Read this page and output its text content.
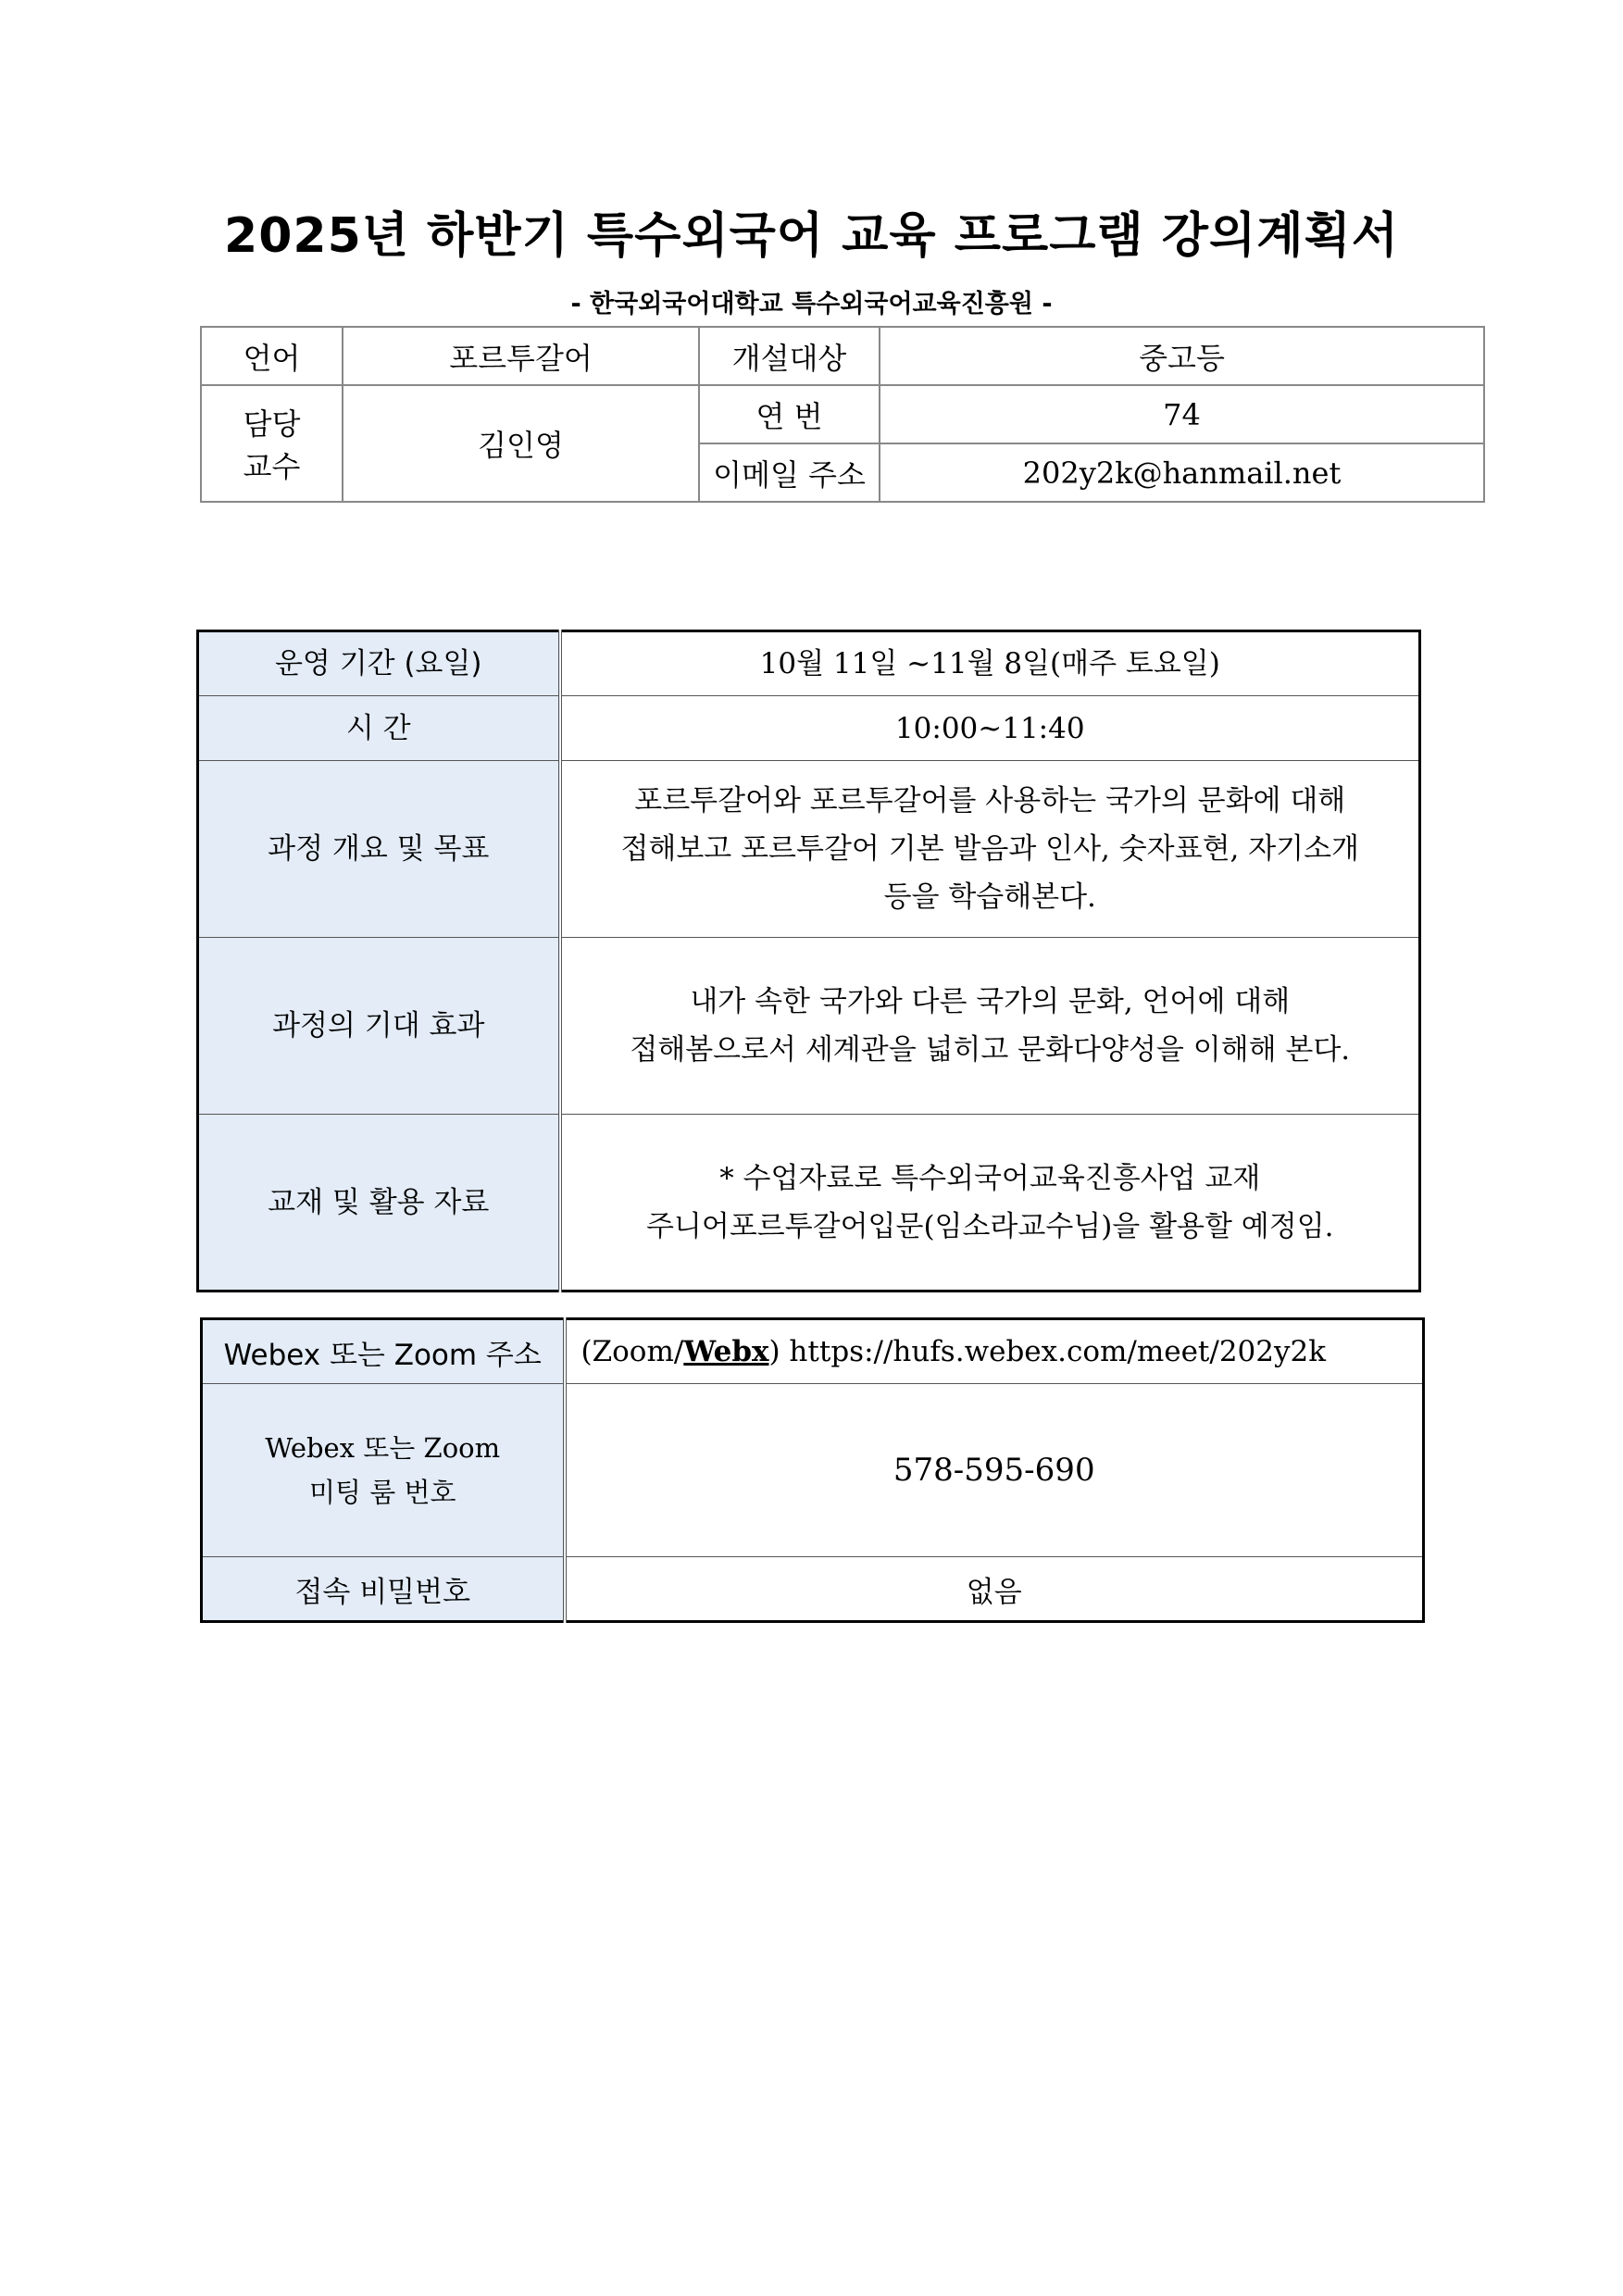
2025년 하반기 특수외국어 교육 프로그램 강의계획서
- 한국외국어대학교 특수외국어교육진흥원 -
언어	포르투갈어	개설대상	중고등

담당
교수	김인영	연 번	74
		이메일 주소	202y2k@hanmail.net
운영 기간 (요일)	10월 11일 ~11월 8일(매주 토요일)
시 간	10:00~11:40
과정 개요 및 목표	포르투갈어와 포르투갈어를 사용하는 국가의 문화에 대해
접해보고 포르투갈어 기본 발음과 인사, 숫자표현, 자기소개
등을 학습해본다.

과정의 기대 효과	내가 속한 국가와 다른 국가의 문화, 언어에 대해
접해봄으로서 세계관을 넓히고 문화다양성을 이해해 본다.

교재 및 활용 자료	* 수업자료로 특수외국어교육진흥사업 교재
주니어포르투갈어입문(임소라교수님)을 활용할 예정임.
Webex 또는 Zoom 주소	(Zoom/Webx) https://hufs.webex.com/meet/202y2k

Webex 또는 Zoom
미팅 룸 번호	578-595-690
접속 비밀번호	없음
